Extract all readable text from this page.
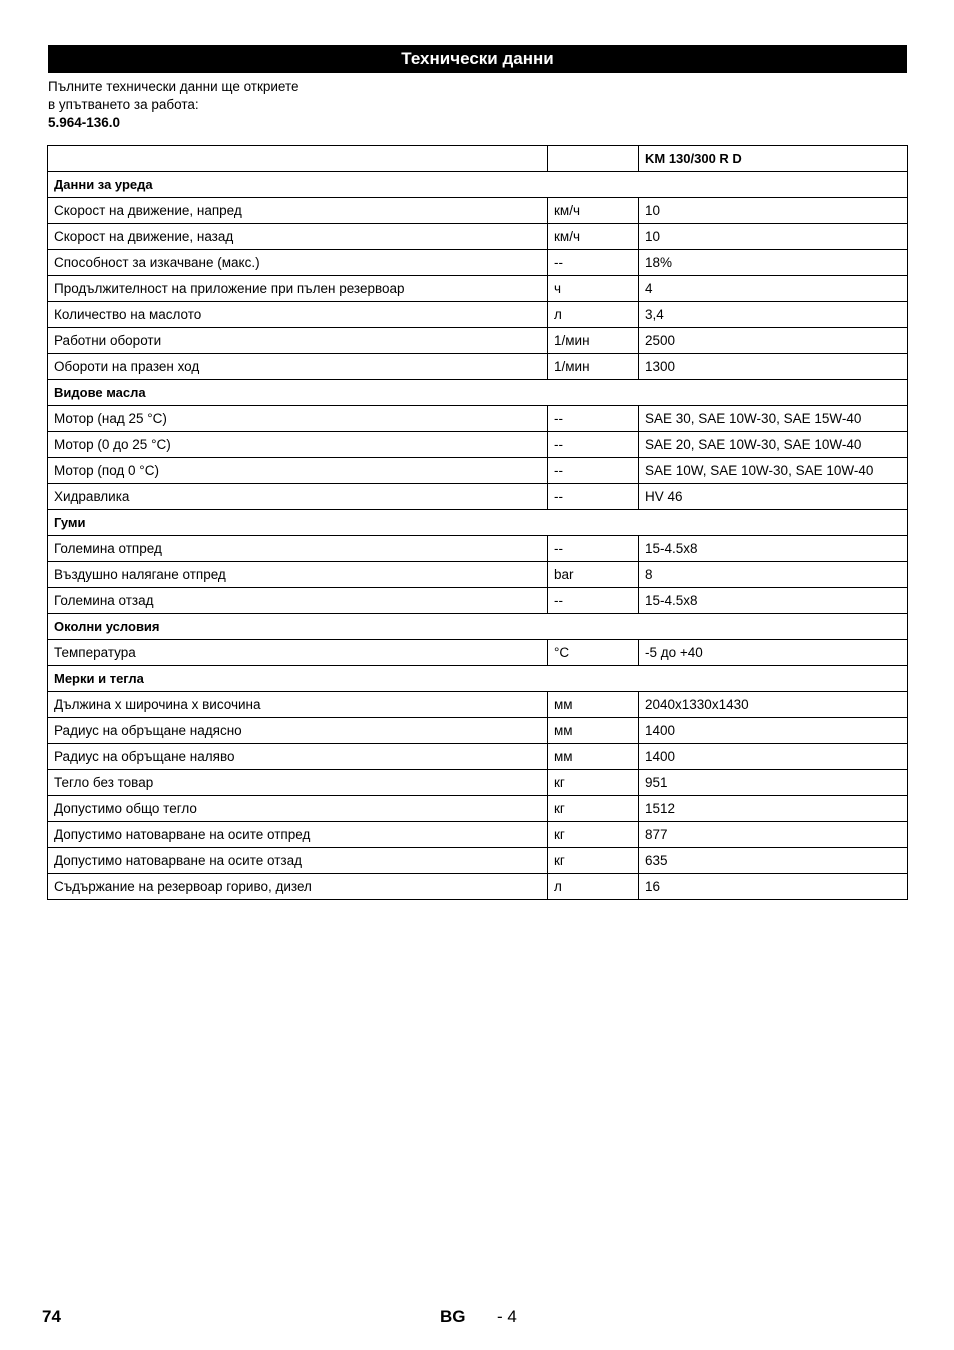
Технически данни
Пълните технически данни ще откриете
в упътването за работа:
5.964-136.0
		KM 130/300 R D
Данни за уреда		
Скорост на движение, напред	км/ч	10
Скорост на движение, назад	км/ч	10
Способност за изкачване (макс.)	--	18%
Продължителност на приложение при пълен резервоар	ч	4
Количество на маслото	л	3,4
Работни обороти	1/мин	2500
Обороти на празен ход	1/мин	1300
Видове масла		
Мотор (над 25 °C)	--	SAE 30, SAE 10W-30, SAE 15W-40
Мотор (0 до 25 °C)	--	SAE 20, SAE 10W-30, SAE 10W-40
Мотор (под 0 °C)	--	SAE 10W, SAE 10W-30, SAE 10W-40
Хидравлика	--	HV 46
Гуми		
Големина отпред	--	15-4.5x8
Въздушно налягане отпред	bar	8
Големина отзад	--	15-4.5x8
Околни условия		
Температура	°C	-5 до +40
Мерки и тегла		
Дължина x широчина x височина	мм	2040x1330x1430
Радиус на обръщане надясно	мм	1400
Радиус на обръщане наляво	мм	1400
Тегло без товар	кг	951
Допустимо общо тегло	кг	1512
Допустимо натоварване на осите отпред	кг	877
Допустимо натоварване на осите отзад	кг	635
Съдържание на резервоар гориво, дизел	л	16
74	BG - 4
